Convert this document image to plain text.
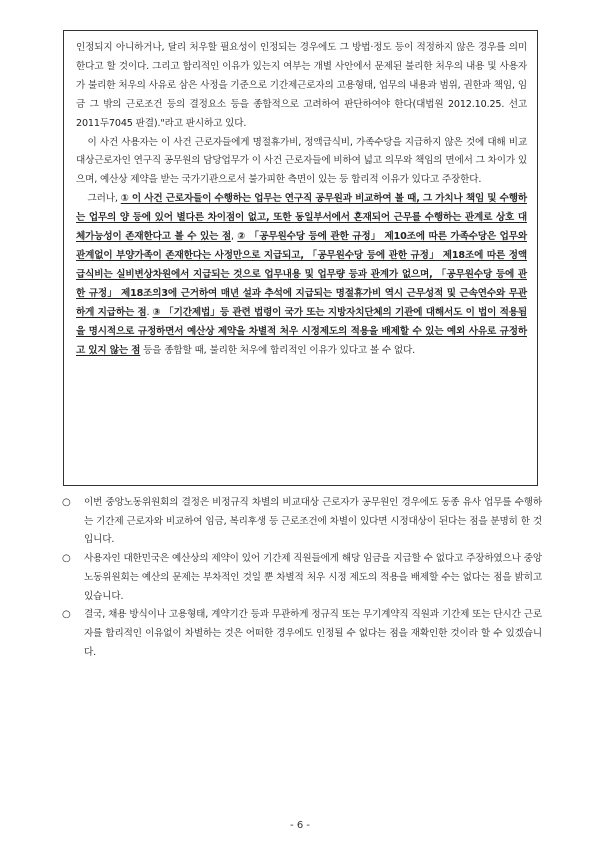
인정되지 아니하거나, 달리 처우할 필요성이 인정되는 경우에도 그 방법·정도 등이 적정하지 않은 경우를 의미한다고 할 것이다. 그리고 합리적인 이유가 있는지 여부는 개별 사안에서 문제된 불리한 처우의 내용 및 사용자가 불리한 처우의 사유로 삼은 사정을 기준으로 기간제근로자의 고용형태, 업무의 내용과 범위, 권한과 책임, 임금 그 밖의 근로조건 등의 결정요소 등을 종합적으로 고려하여 판단하여야 한다(대법원 2012.10.25. 선고 2011두7045 판결)."라고 판시하고 있다.

이 사건 사용자는 이 사건 근로자들에게 명절휴가비, 정액급식비, 가족수당을 지급하지 않은 것에 대해 비교대상근로자인 연구직 공무원의 담당업무가 이 사건 근로자들에 비하여 넓고 의무와 책임의 면에서 그 차이가 있으며, 예산상 제약을 받는 국가기관으로서 불가피한 측면이 있는 등 합리적 이유가 있다고 주장한다.

그러나, ① 이 사건 근로자들이 수행하는 업무는 연구직 공무원과 비교하여 볼 때, 그 가치나 책임 및 수행하는 업무의 양 등에 있어 별다른 차이점이 없고, 또한 동일부서에서 혼재되어 근무를 수행하는 관계로 상호 대체가능성이 존재한다고 볼 수 있는 점, ② 「공무원수당 등에 관한 규정」 제10조에 따른 가족수당은 업무와 관계없이 부양가족이 존재한다는 사정만으로 지급되고, 「공무원수당 등에 관한 규정」 제18조에 따른 정액급식비는 실비변상차원에서 지급되는 것으로 업무내용 및 업무량 등과 관계가 없으며, 「공무원수당 등에 관한 규정」 제18조의3에 근거하여 매년 설과 추석에 지급되는 명절휴가비 역시 근무성적 및 근속연수와 무관하게 지급하는 점. ③ 「기간제법」등 관련 법령이 국가 또는 지방자치단체의 기관에 대해서도 이 법이 적용됨을 명시적으로 규정하면서 예산상 제약을 차별적 처우 시정제도의 적용을 배제할 수 있는 예외 사유로 규정하고 있지 않는 점 등을 종합할 때, 불리한 처우에 합리적인 이유가 있다고 볼 수 없다.

○ 이번 중앙노동위원회의 결정은 비정규직 차별의 비교대상 근로자가 공무원인 경우에도 동종 유사 업무를 수행하는 기간제 근로자와 비교하여 임금, 복리후생 등 근로조건에 차별이 있다면 시정대상이 된다는 점을 분명히 한 것입니다.

○ 사용자인 대한민국은 예산상의 제약이 있어 기간제 직원들에게 해당 임금을 지급할 수 없다고 주장하였으나 중앙노동위원회는 예산의 문제는 부차적인 것일 뿐 차별적 처우 시정 제도의 적용을 배제할 수는 없다는 점을 밝히고 있습니다.

○ 결국, 채용 방식이나 고용형태, 계약기간 등과 무관하게 정규직 또는 무기계약직 직원과 기간제 또는 단시간 근로자를 합리적인 이유없이 차별하는 것은 어떠한 경우에도 인정될 수 없다는 점을 재확인한 것이라 할 수 있겠습니다.

- 6 -
